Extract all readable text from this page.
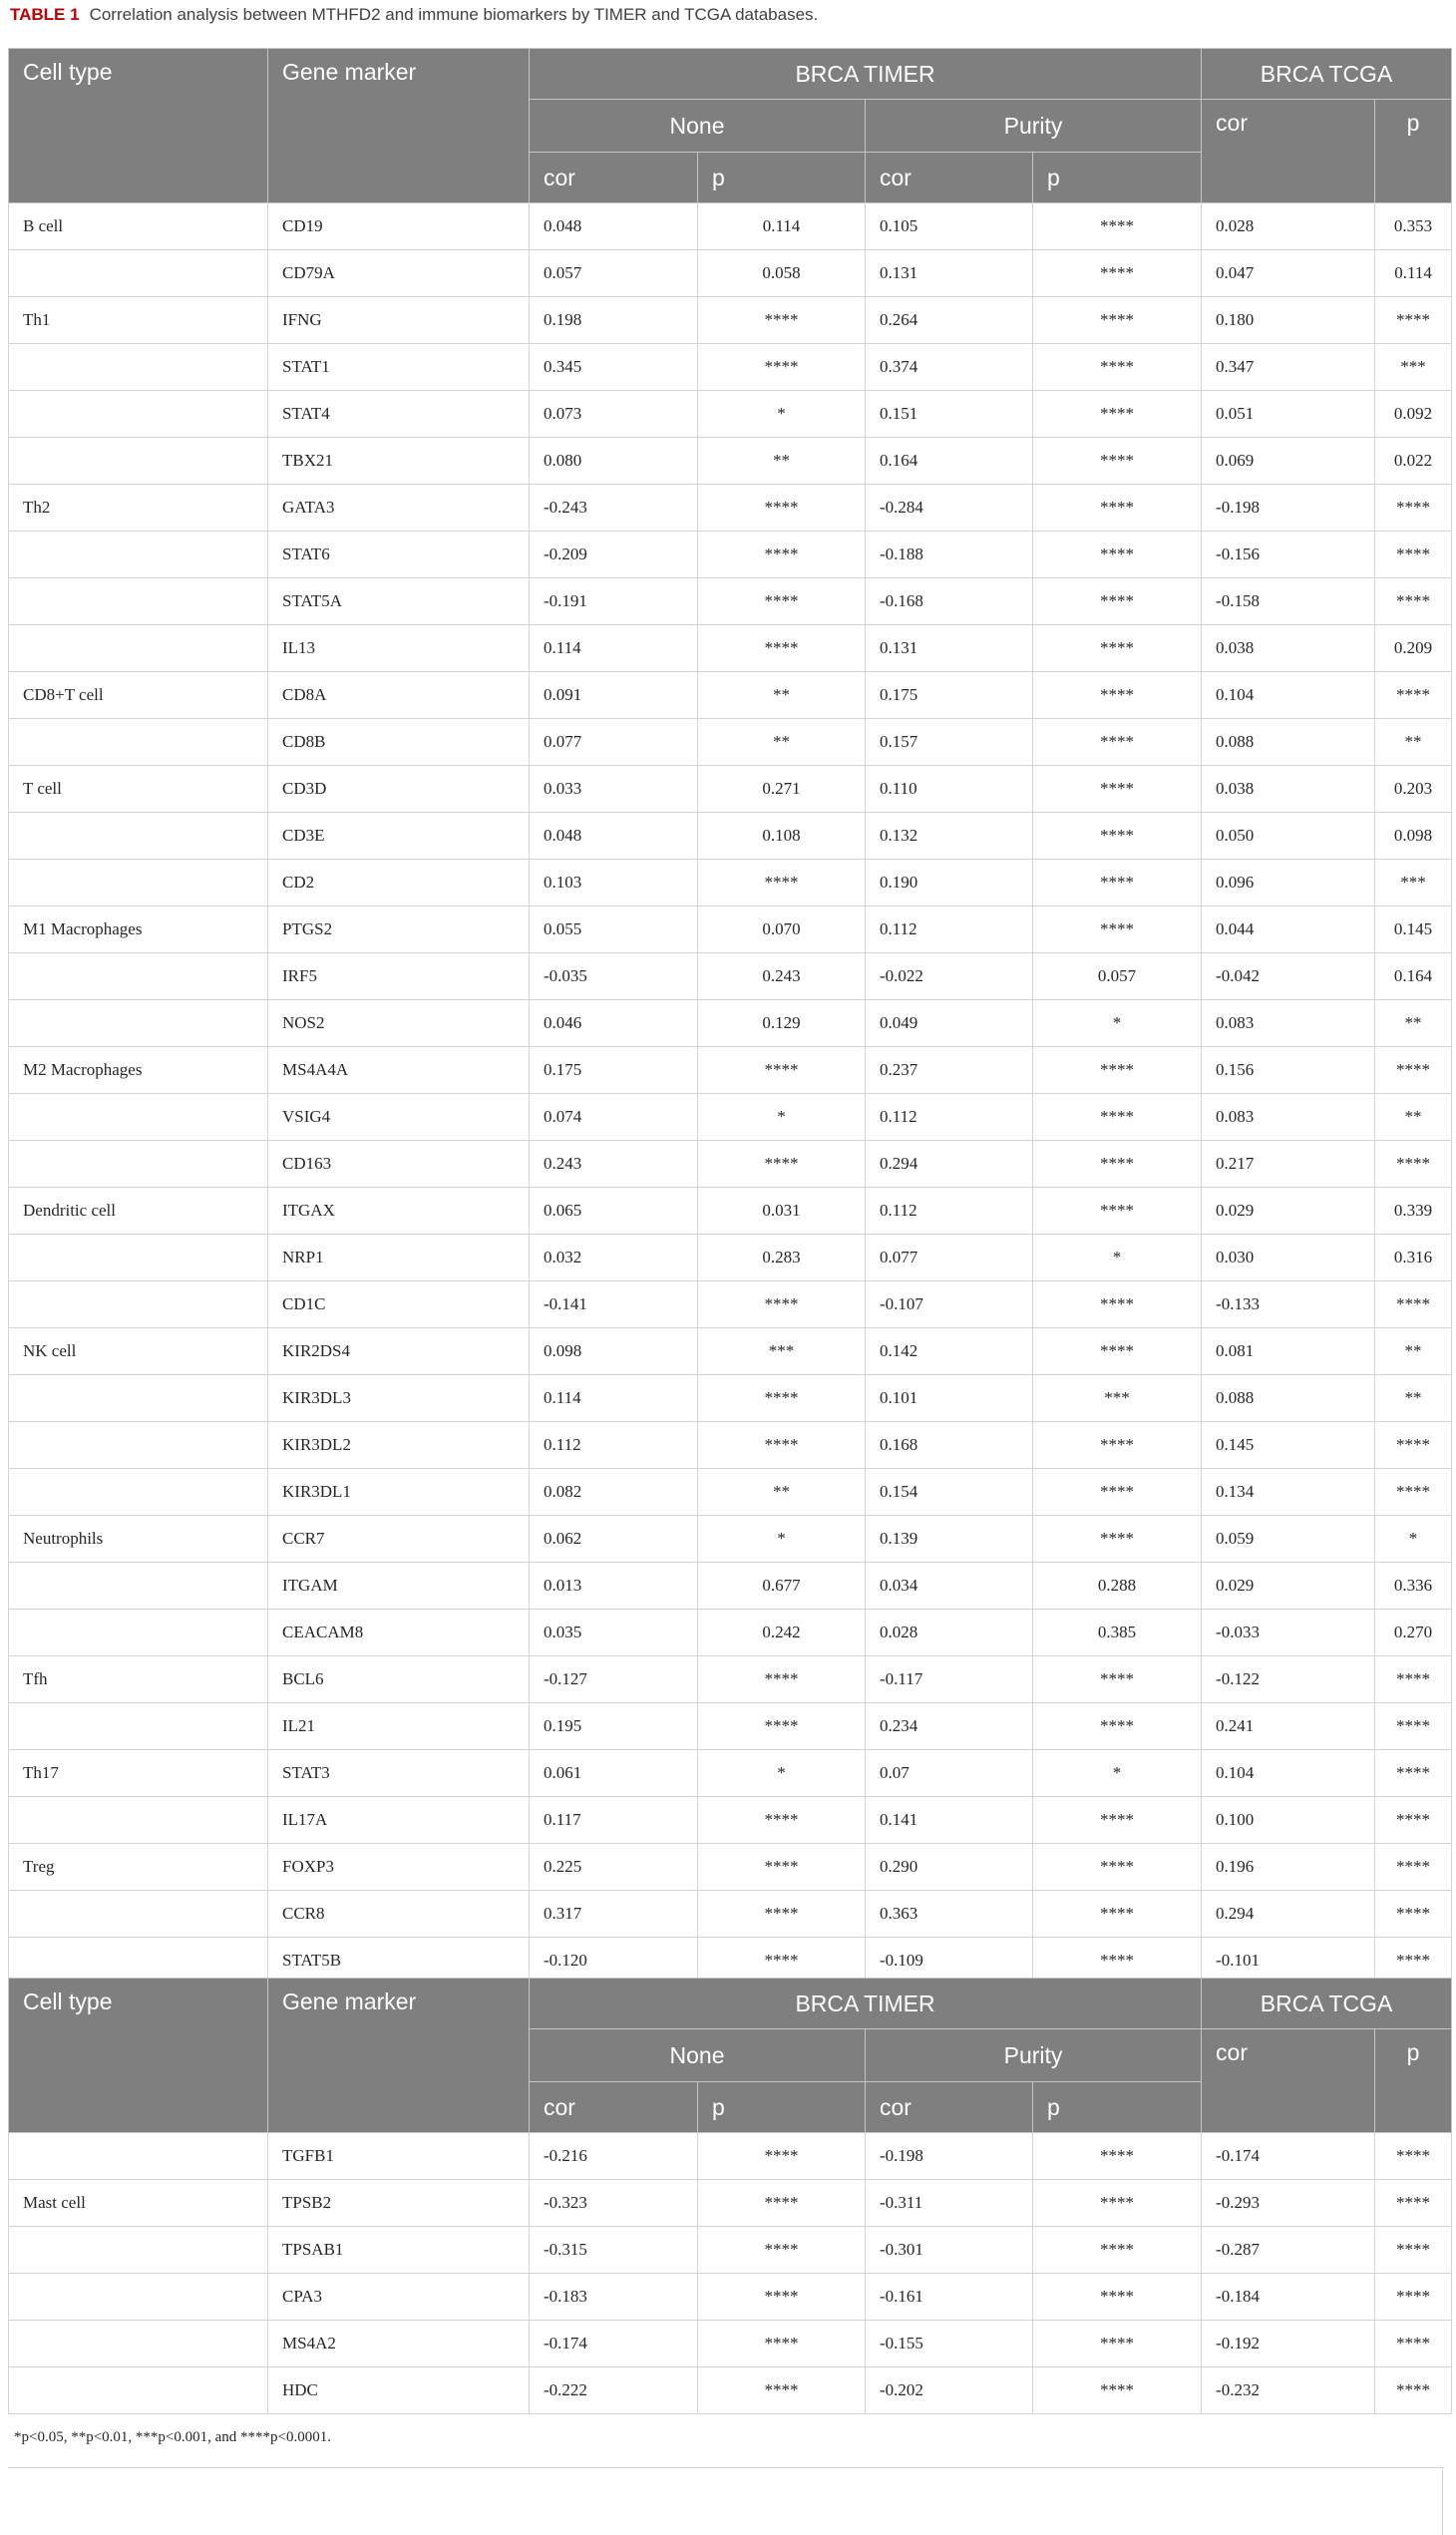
TABLE 1 Correlation analysis between MTHFD2 and immune biomarkers by TIMER and TCGA databases.
Cell type	Gene marker	BRCA TIMER				BRCA TCGA	
		None		Purity		cor	p
		cor	p	cor	p		
B cell	CD19	0.048	0.114	0.105	****	0.028	0.353
	CD79A	0.057	0.058	0.131	****	0.047	0.114
Th1	IFNG	0.198	****	0.264	****	0.180	****
	STAT1	0.345	****	0.374	****	0.347	***
	STAT4	0.073	*	0.151	****	0.051	0.092
	TBX21	0.080	**	0.164	****	0.069	0.022
Th2	GATA3	-0.243	****	-0.284	****	-0.198	****
	STAT6	-0.209	****	-0.188	****	-0.156	****
	STAT5A	-0.191	****	-0.168	****	-0.158	****
	IL13	0.114	****	0.131	****	0.038	0.209
CD8+T cell	CD8A	0.091	**	0.175	****	0.104	****
	CD8B	0.077	**	0.157	****	0.088	**
T cell	CD3D	0.033	0.271	0.110	****	0.038	0.203
	CD3E	0.048	0.108	0.132	****	0.050	0.098
	CD2	0.103	****	0.190	****	0.096	***
M1 Macrophages	PTGS2	0.055	0.070	0.112	****	0.044	0.145
	IRF5	-0.035	0.243	-0.022	0.057	-0.042	0.164
	NOS2	0.046	0.129	0.049	*	0.083	**
M2 Macrophages	MS4A4A	0.175	****	0.237	****	0.156	****
	VSIG4	0.074	*	0.112	****	0.083	**
	CD163	0.243	****	0.294	****	0.217	****
Dendritic cell	ITGAX	0.065	0.031	0.112	****	0.029	0.339
	NRP1	0.032	0.283	0.077	*	0.030	0.316
	CD1C	-0.141	****	-0.107	****	-0.133	****
NK cell	KIR2DS4	0.098	***	0.142	****	0.081	**
	KIR3DL3	0.114	****	0.101	***	0.088	**
	KIR3DL2	0.112	****	0.168	****	0.145	****
	KIR3DL1	0.082	**	0.154	****	0.134	****
Neutrophils	CCR7	0.062	*	0.139	****	0.059	*
	ITGAM	0.013	0.677	0.034	0.288	0.029	0.336
	CEACAM8	0.035	0.242	0.028	0.385	-0.033	0.270
Tfh	BCL6	-0.127	****	-0.117	****	-0.122	****
	IL21	0.195	****	0.234	****	0.241	****
Th17	STAT3	0.061	*	0.07	*	0.104	****
	IL17A	0.117	****	0.141	****	0.100	****
Treg	FOXP3	0.225	****	0.290	****	0.196	****
	CCR8	0.317	****	0.363	****	0.294	****
	STAT5B	-0.120	****	-0.109	****	-0.101	****
Cell type	Gene marker	BRCA TIMER				BRCA TCGA	
		None		Purity		cor	p
		cor	p	cor	p		
	TGFB1	-0.216	****	-0.198	****	-0.174	****
Mast cell	TPSB2	-0.323	****	-0.311	****	-0.293	****
	TPSAB1	-0.315	****	-0.301	****	-0.287	****
	CPA3	-0.183	****	-0.161	****	-0.184	****
	MS4A2	-0.174	****	-0.155	****	-0.192	****
	HDC	-0.222	****	-0.202	****	-0.232	****
*p<0.05, **p<0.01, ***p<0.001, and ****p<0.0001.
